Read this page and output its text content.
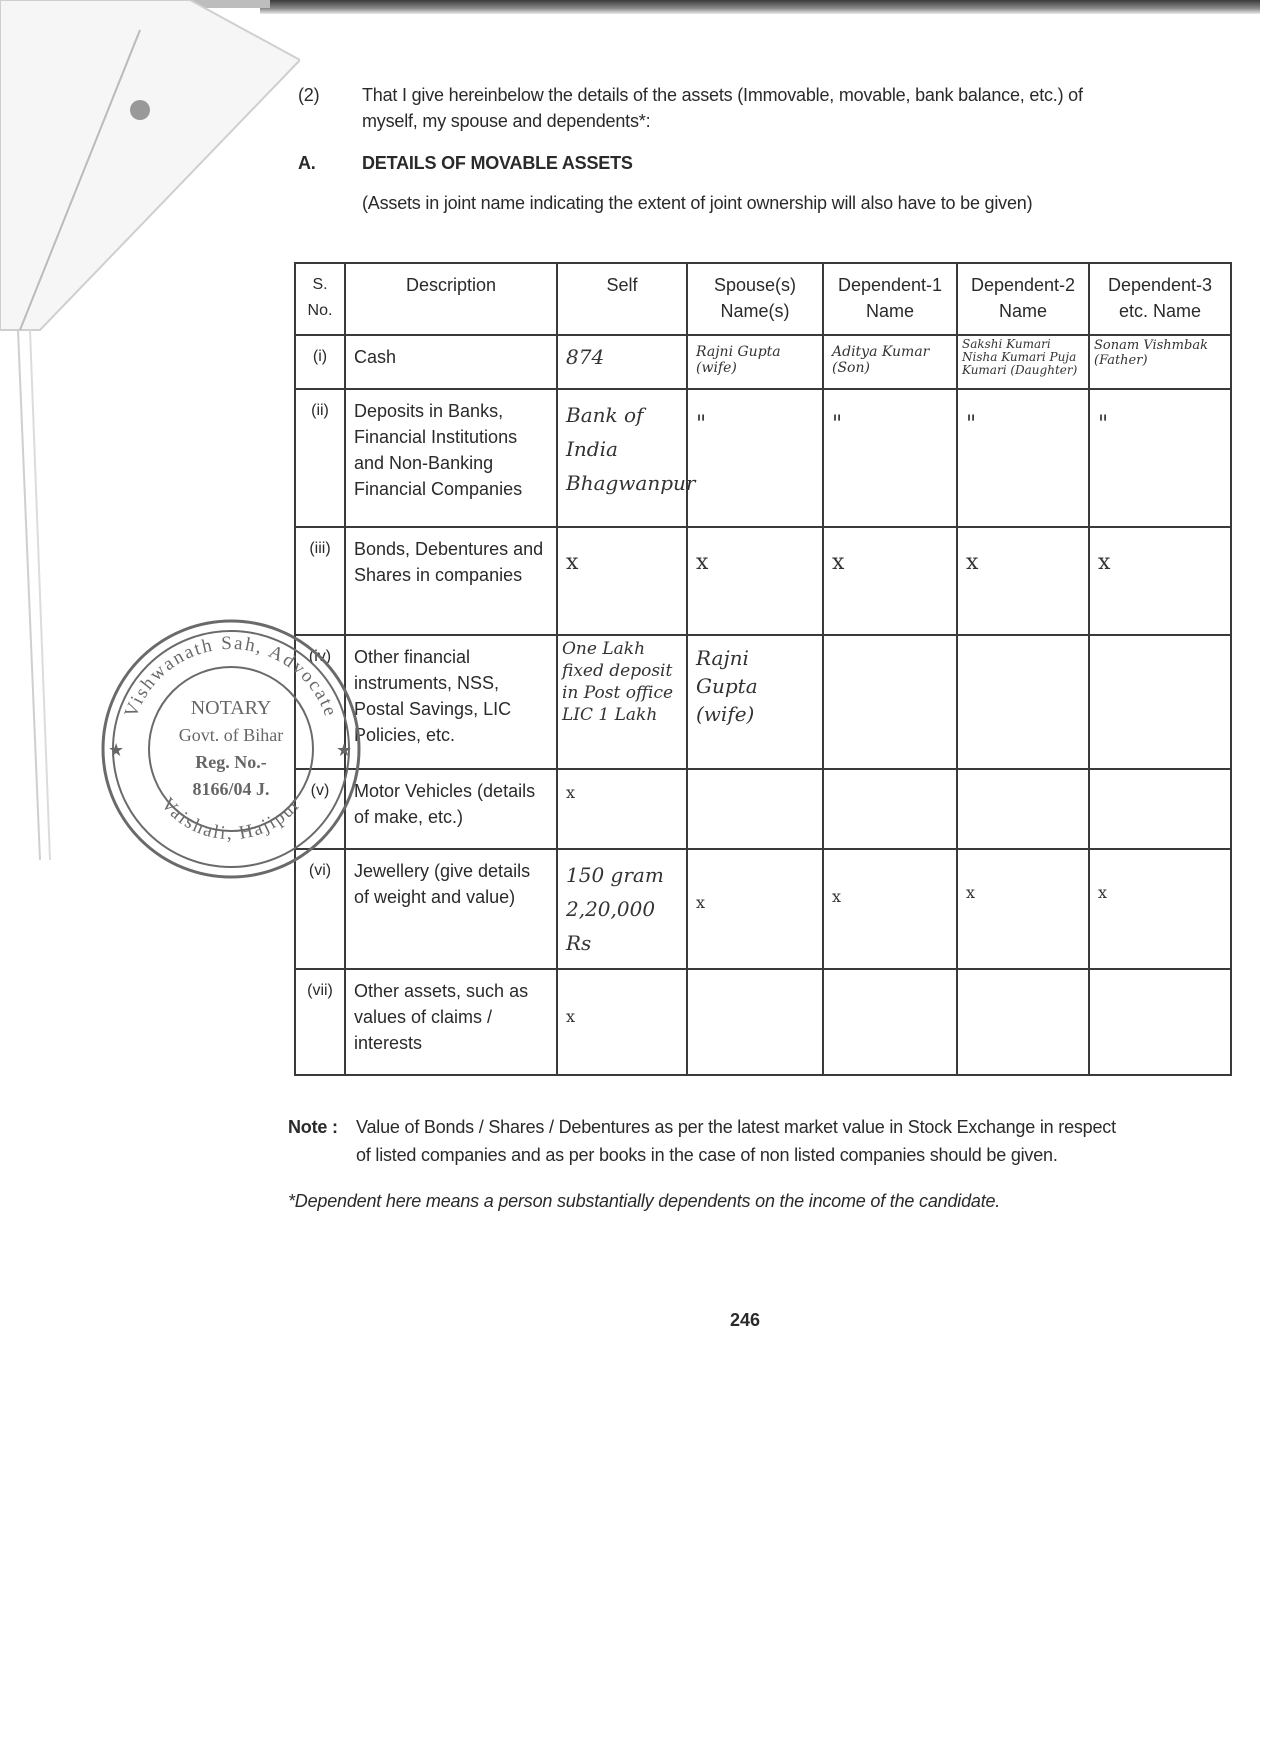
(2) That I give hereinbelow the details of the assets (Immovable, movable, bank balance, etc.) of
myself, my spouse and dependents*:
A.	DETAILS OF MOVABLE ASSETS
(Assets in joint name indicating the extent of joint ownership will also have to be given)
S. No.	Description	Self	Spouse(s) Name(s)	Dependent-1 Name	Dependent-2 Name	Dependent-3 etc. Name
(i)	Cash	874	Rajni Gupta (wife)	Aditya Kumar (Son)	Sakshi Kumari Nisha Kumari Puja Kumari (Daughter)	Sonam Vishmbak (Father)
(ii)	Deposits in Banks, Financial Institutions and Non-Banking Financial Companies	Bank of India Bhagwanpur	"	"	"	"
(iii)	Bonds, Debentures and Shares in companies	x	x	x	x	x
(iv)	Other financial instruments, NSS, Postal Savings, LIC Policies, etc.	One Lakh fixed deposit in Post office LIC 1 Lakh	Rajni Gupta (wife)			
(v)	Motor Vehicles (details of make, etc.)	x				
(vi)	Jewellery (give details of weight and value)	150 gram 2,20,000 Rs	x	x	x	x
(vii)	Other assets, such as values of claims / interests	x				
Vishwanath Sah, Advocate
Vaishali, Hajipur
NOTARY
Govt. of Bihar
Reg. No.-
8166/04 J.
★	★
Note : Value of Bonds / Shares / Debentures as per the latest market value in Stock Exchange in respect
of listed companies and as per books in the case of non listed companies should be given.
*Dependent here means a person substantially dependents on the income of the candidate.
246
